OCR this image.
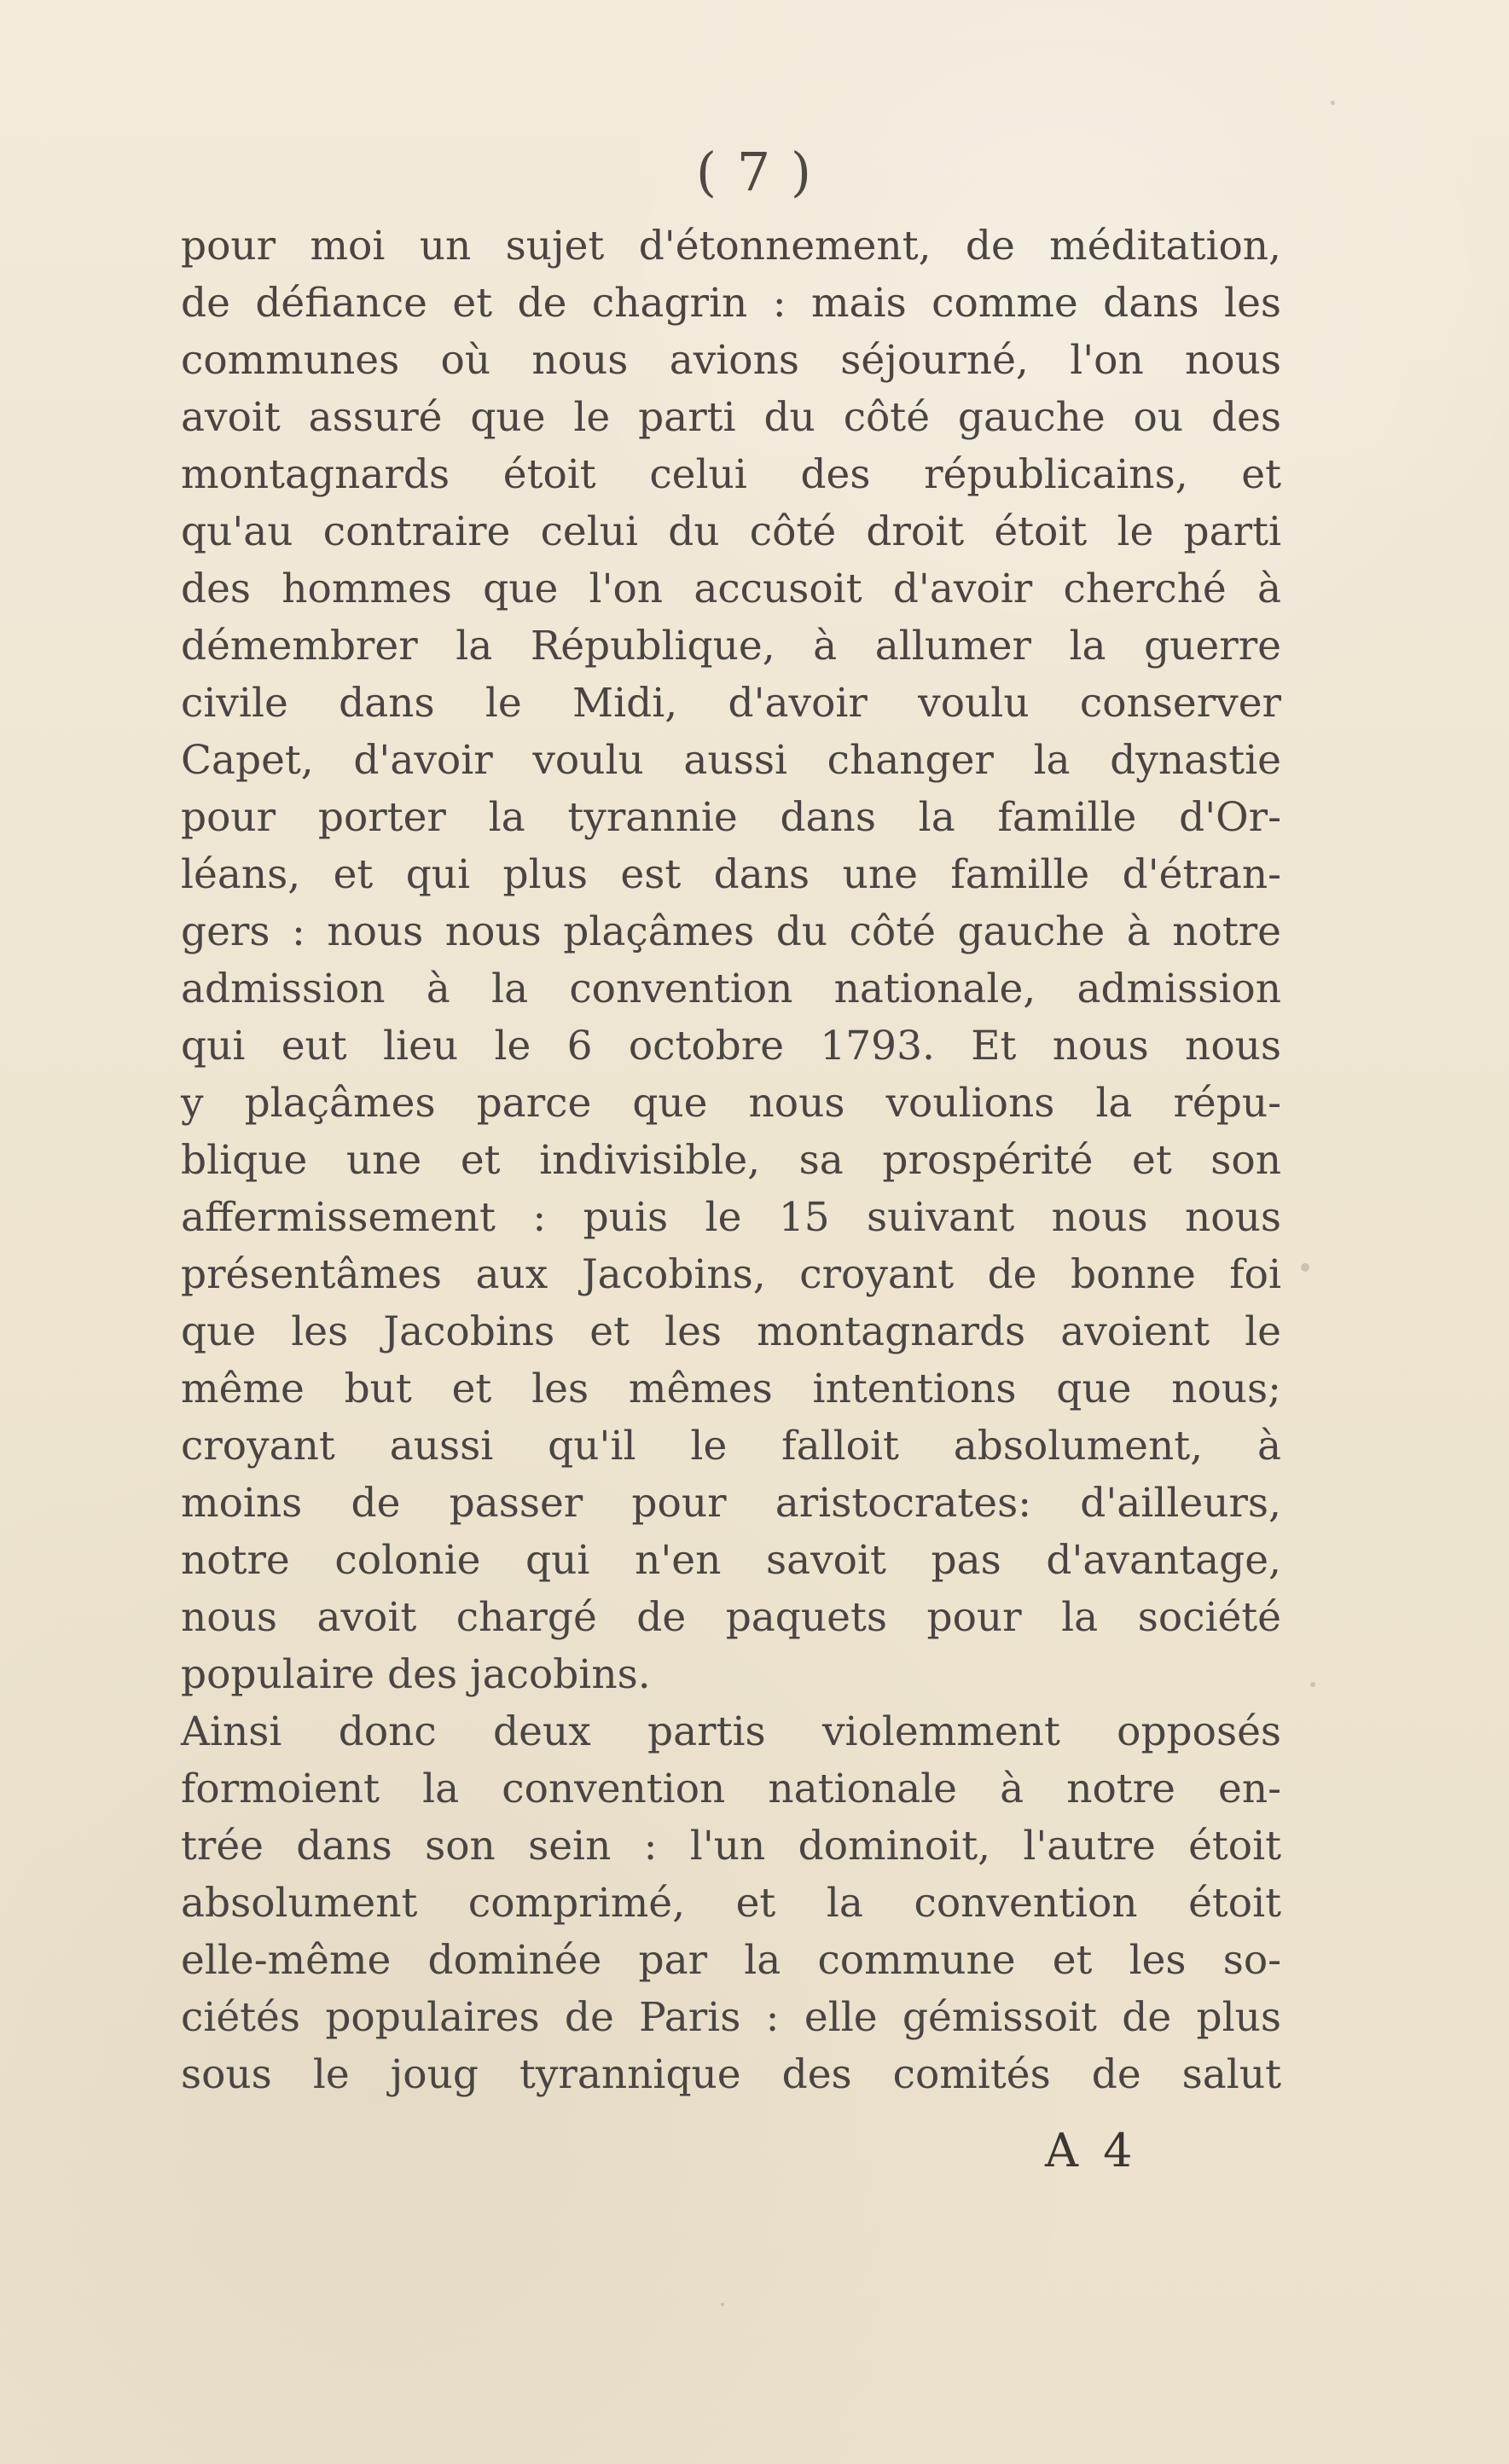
( 7 )
pour moi un sujet d'étonnement, de méditation,
de défiance et de chagrin : mais comme dans les
communes où nous avions séjourné, l'on nous
avoit assuré que le parti du côté gauche ou des
montagnards étoit celui des républicains, et
qu'au contraire celui du côté droit étoit le parti
des hommes que l'on accusoit d'avoir cherché à
démembrer la République, à allumer la guerre
civile dans le Midi, d'avoir voulu conserver
Capet, d'avoir voulu aussi changer la dynastie
pour porter la tyrannie dans la famille d'Or-
léans, et qui plus est dans une famille d'étran-
gers : nous nous plaçâmes du côté gauche à notre
admission à la convention nationale, admission
qui eut lieu le 6 octobre 1793. Et nous nous
y plaçâmes parce que nous voulions la répu-
blique une et indivisible, sa prospérité et son
affermissement : puis le 15 suivant nous nous
présentâmes aux Jacobins, croyant de bonne foi
que les Jacobins et les montagnards avoient le
même but et les mêmes intentions que nous;
croyant aussi qu'il le falloit absolument, à
moins de passer pour aristocrates: d'ailleurs,
notre colonie qui n'en savoit pas d'avantage,
nous avoit chargé de paquets pour la société
populaire des jacobins.
Ainsi donc deux partis violemment opposés
formoient la convention nationale à notre en-
trée dans son sein : l'un dominoit, l'autre étoit
absolument comprimé, et la convention étoit
elle-même dominée par la commune et les so-
ciétés populaires de Paris : elle gémissoit de plus
sous le joug tyrannique des comités de salut
A 4
